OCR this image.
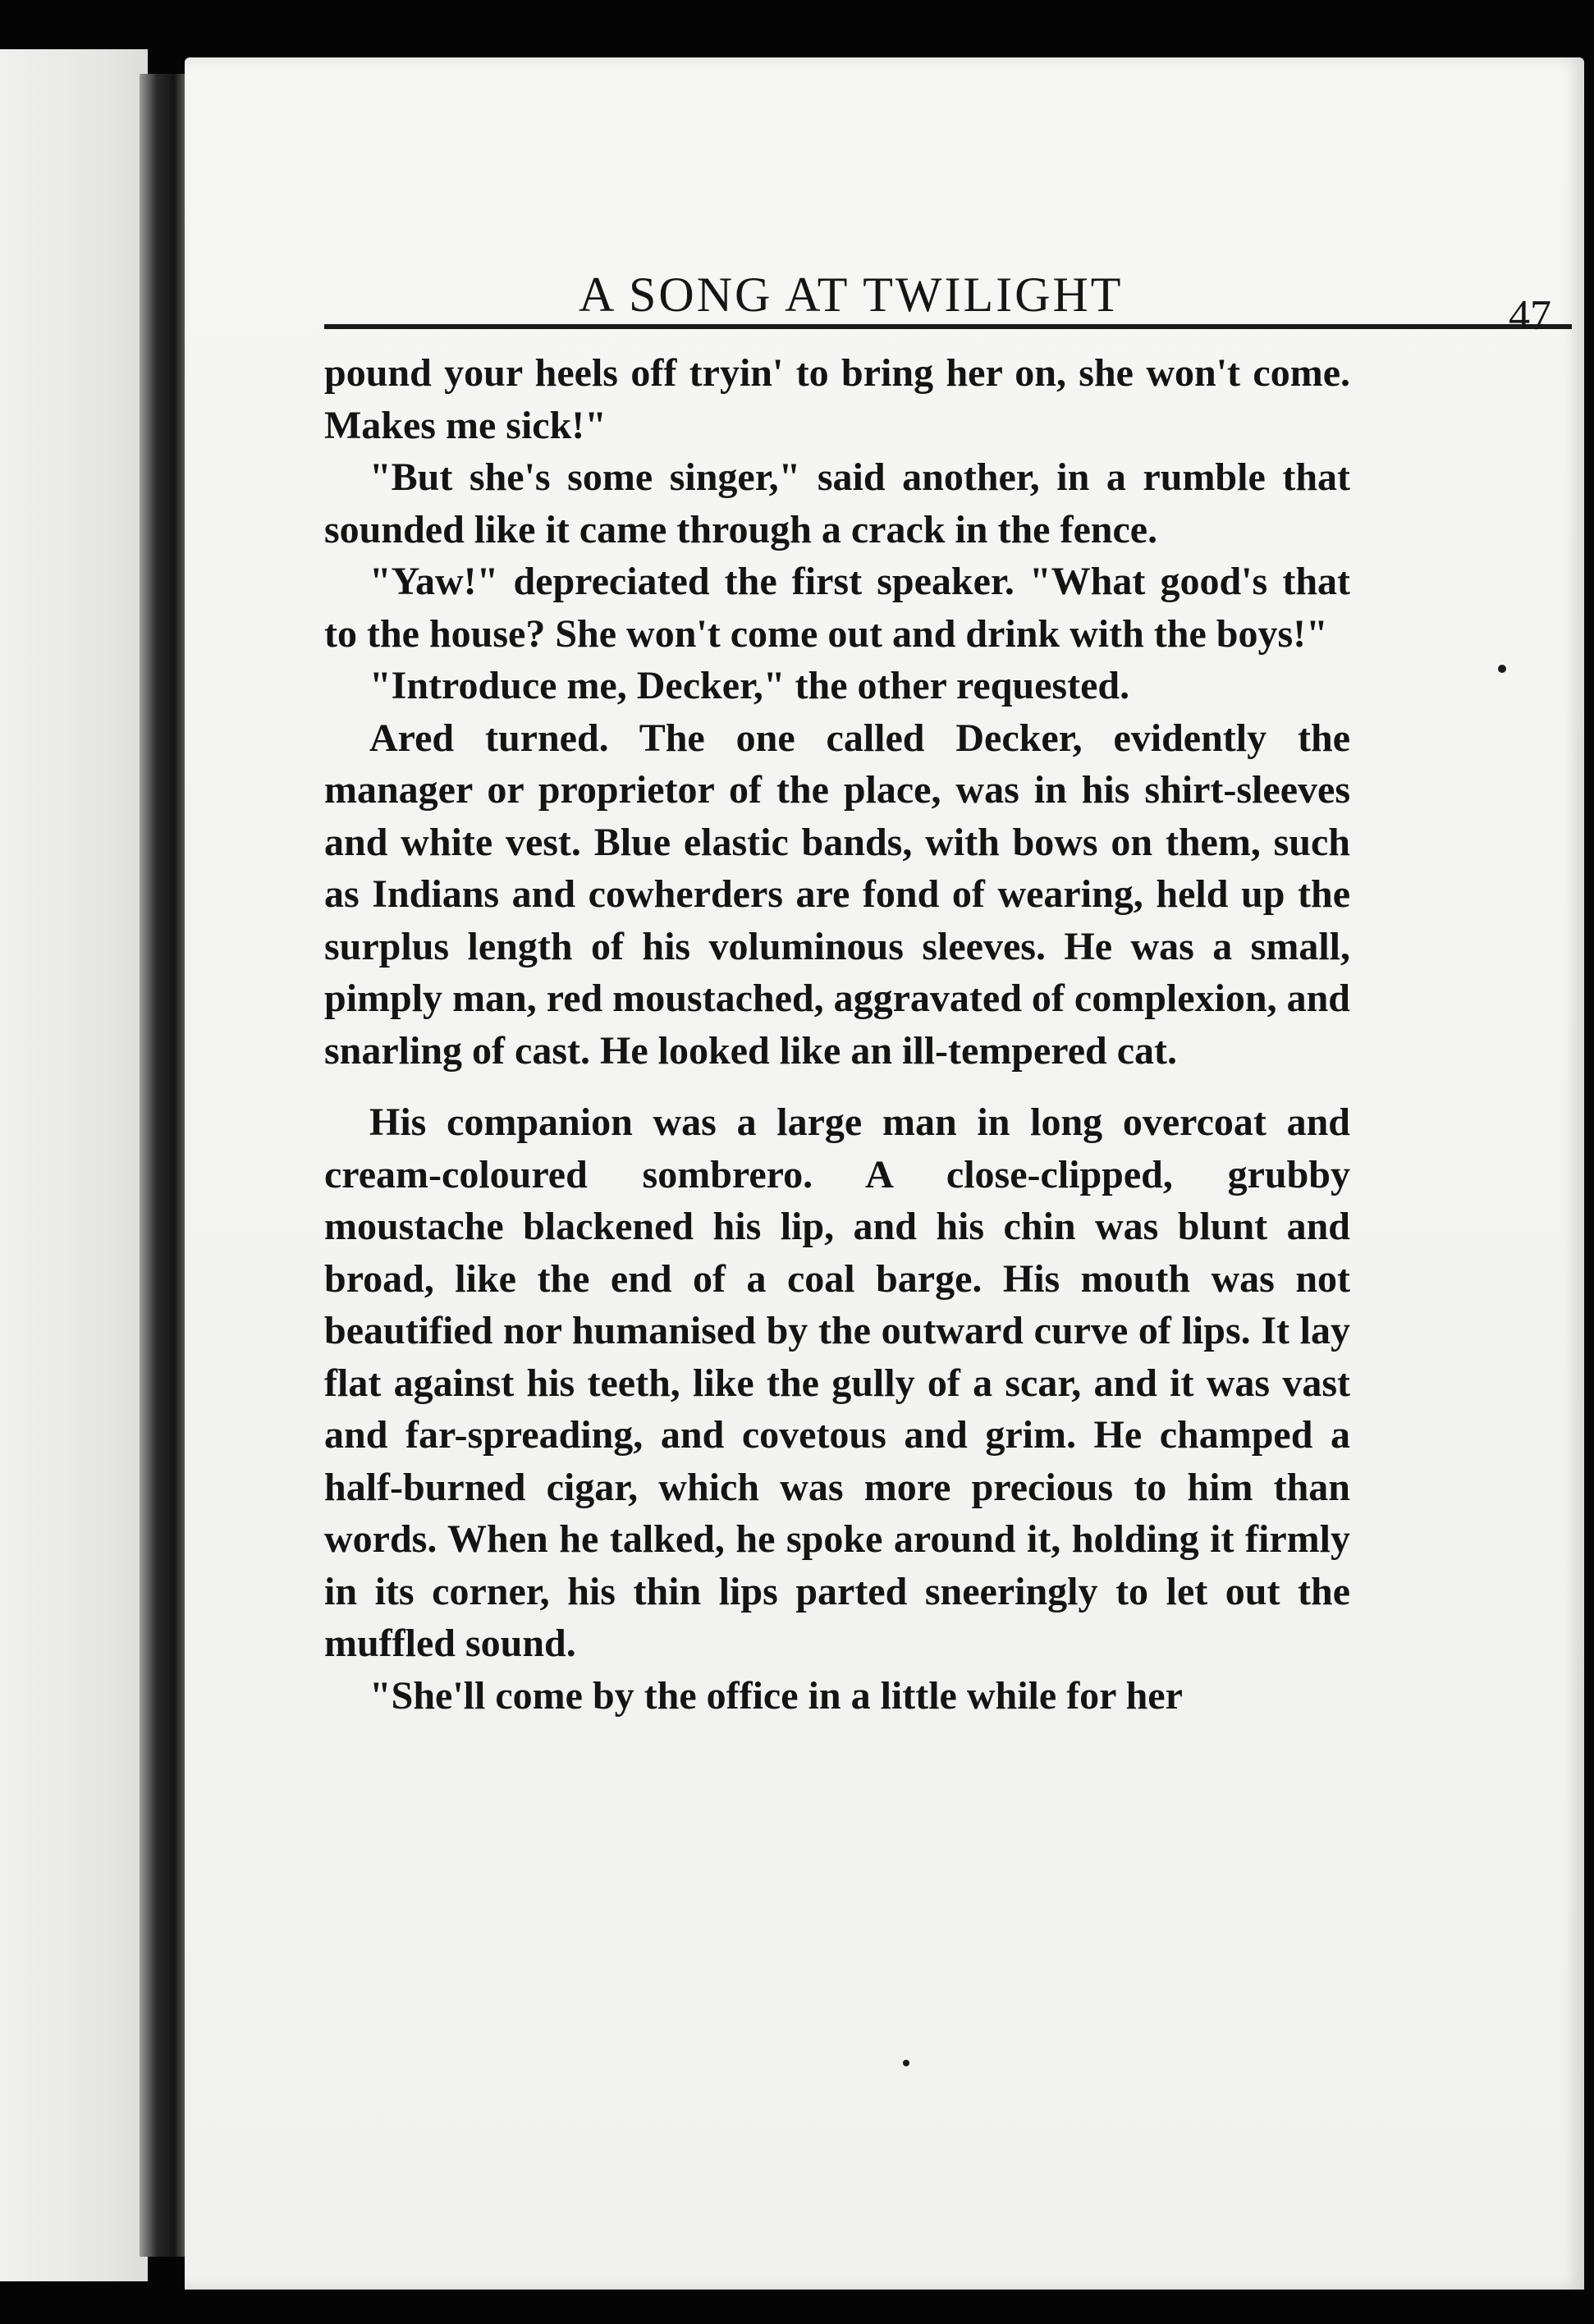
A SONG AT TWILIGHT	47

pound your heels off tryin' to bring her on, she won't come. Makes me sick!"

"But she's some singer," said another, in a rumble that sounded like it came through a crack in the fence.

"Yaw!" depreciated the first speaker. "What good's that to the house? She won't come out and drink with the boys!"

"Introduce me, Decker," the other requested.

Ared turned. The one called Decker, evidently the manager or proprietor of the place, was in his shirt-sleeves and white vest. Blue elastic bands, with bows on them, such as Indians and cowherders are fond of wearing, held up the surplus length of his voluminous sleeves. He was a small, pimply man, red moustached, aggravated of complexion, and snarling of cast. He looked like an ill-tempered cat.

His companion was a large man in long overcoat and cream-coloured sombrero. A close-clipped, grubby moustache blackened his lip, and his chin was blunt and broad, like the end of a coal barge. His mouth was not beautified nor humanised by the outward curve of lips. It lay flat against his teeth, like the gully of a scar, and it was vast and far-spreading, and covetous and grim. He champed a half-burned cigar, which was more precious to him than words. When he talked, he spoke around it, holding it firmly in its corner, his thin lips parted sneeringly to let out the muffled sound.

"She'll come by the office in a little while for her
